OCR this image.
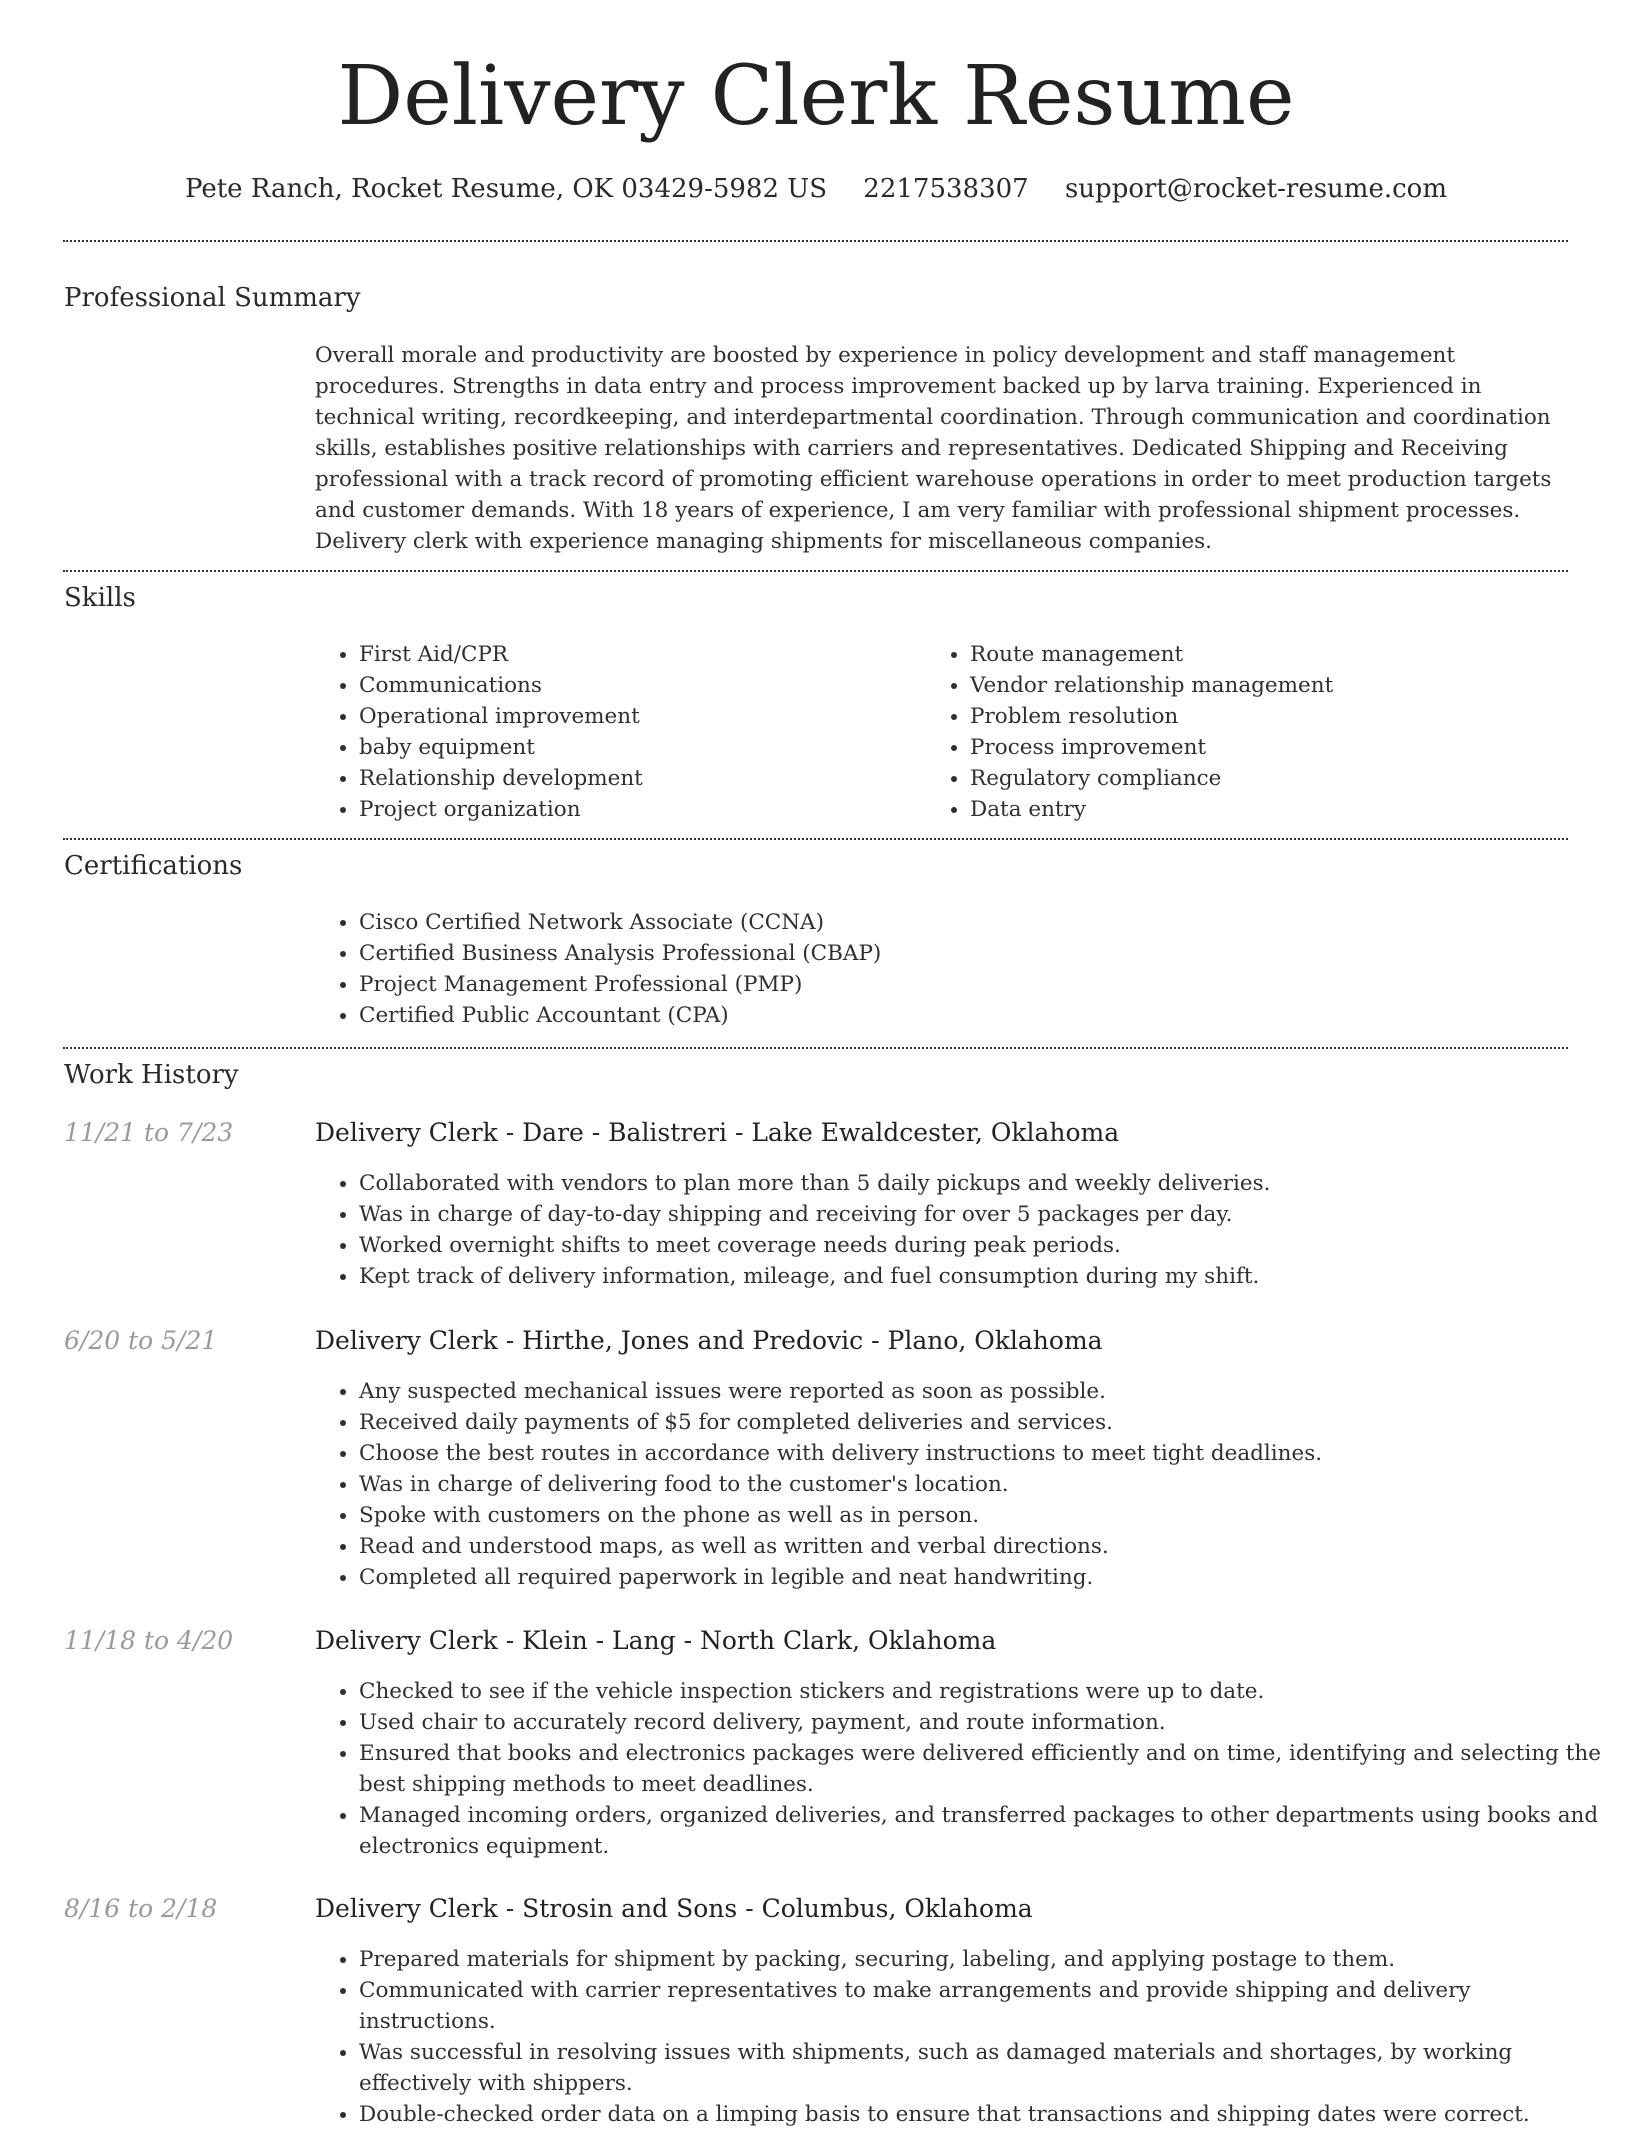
Delivery Clerk Resume
Pete Ranch, Rocket Resume, OK 03429-5982 US 2217538307 support@rocket-resume.com
Professional Summary

Overall morale and productivity are boosted by experience in policy development and staff management procedures. Strengths in data entry and process improvement backed up by larva training. Experienced in technical writing, recordkeeping, and interdepartmental coordination. Through communication and coordination skills, establishes positive relationships with carriers and representatives. Dedicated Shipping and Receiving professional with a track record of promoting efficient warehouse operations in order to meet production targets and customer demands. With 18 years of experience, I am very familiar with professional shipment processes. Delivery clerk with experience managing shipments for miscellaneous companies.

Skills
• First Aid/CPR
• Communications
• Operational improvement
• baby equipment
• Relationship development
• Project organization
• Route management
• Vendor relationship management
• Problem resolution
• Process improvement
• Regulatory compliance
• Data entry
Certifications
• Cisco Certified Network Associate (CCNA)
• Certified Business Analysis Professional (CBAP)
• Project Management Professional (PMP)
• Certified Public Accountant (CPA)
Work History
11/21 to 7/23	Delivery Clerk - Dare - Balistreri - Lake Ewaldcester, Oklahoma
• Collaborated with vendors to plan more than 5 daily pickups and weekly deliveries.
• Was in charge of day-to-day shipping and receiving for over 5 packages per day.
• Worked overnight shifts to meet coverage needs during peak periods.
• Kept track of delivery information, mileage, and fuel consumption during my shift.
6/20 to 5/21	Delivery Clerk - Hirthe, Jones and Predovic - Plano, Oklahoma
• Any suspected mechanical issues were reported as soon as possible.
• Received daily payments of $5 for completed deliveries and services.
• Choose the best routes in accordance with delivery instructions to meet tight deadlines.
• Was in charge of delivering food to the customer's location.
• Spoke with customers on the phone as well as in person.
• Read and understood maps, as well as written and verbal directions.
• Completed all required paperwork in legible and neat handwriting.
11/18 to 4/20	Delivery Clerk - Klein - Lang - North Clark, Oklahoma
• Checked to see if the vehicle inspection stickers and registrations were up to date.
• Used chair to accurately record delivery, payment, and route information.
• Ensured that books and electronics packages were delivered efficiently and on time, identifying and selecting the best shipping methods to meet deadlines.
• Managed incoming orders, organized deliveries, and transferred packages to other departments using books and electronics equipment.
8/16 to 2/18	Delivery Clerk - Strosin and Sons - Columbus, Oklahoma
• Prepared materials for shipment by packing, securing, labeling, and applying postage to them.
• Communicated with carrier representatives to make arrangements and provide shipping and delivery instructions.
• Was successful in resolving issues with shipments, such as damaged materials and shortages, by working effectively with shippers.
• Double-checked order data on a limping basis to ensure that transactions and shipping dates were correct.
